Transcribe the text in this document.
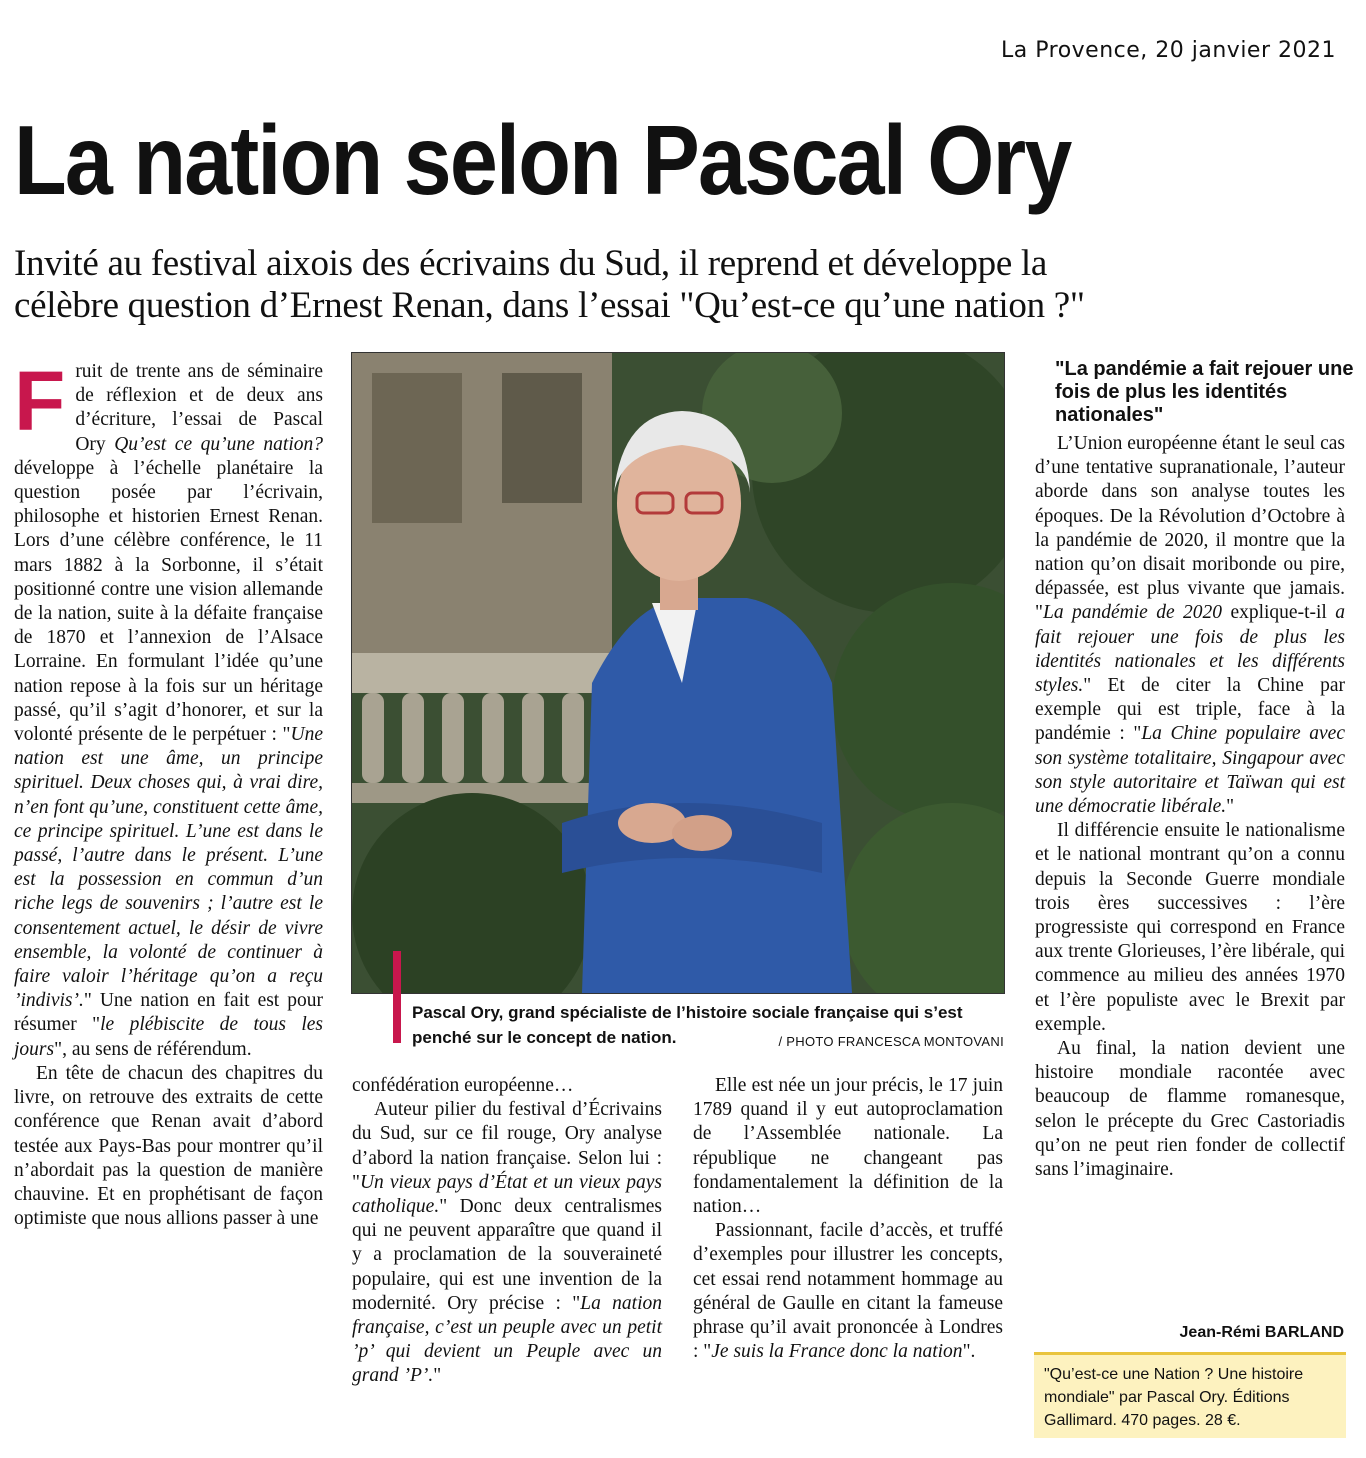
La Provence, 20 janvier 2021
La nation selon Pascal Ory

Invité au festival aixois des écrivains du Sud, il reprend et développe la

célèbre question d’Ernest Renan, dans l’essai "Qu’est-ce qu’une nation ?"

Fruit de trente ans de séminaire de réflexion et de deux ans d’écriture, l’essai de Pascal Ory Qu’est ce qu’une nation? développe à l’échelle planétaire la question posée par l’écrivain, philosophe et historien Ernest Renan. Lors d’une célèbre conférence, le 11 mars 1882 à la Sorbonne, il s’était positionné contre une vision allemande de la nation, suite à la défaite française de 1870 et l’annexion de l’Alsace Lorraine. En formulant l’idée qu’une nation repose à la fois sur un héritage passé, qu’il s’agit d’honorer, et sur la volonté présente de le perpétuer : "Une nation est une âme, un principe spirituel. Deux choses qui, à vrai dire, n’en font qu’une, constituent cette âme, ce principe spirituel. L’une est dans le passé, l’autre dans le présent. L’une est la possession en commun d’un riche legs de souvenirs ; l’autre est le consentement actuel, le désir de vivre ensemble, la volonté de continuer à faire valoir l’héritage qu’on a reçu ’indivis’." Une nation en fait est pour résumer "le plébiscite de tous les jours", au sens de référendum.

En tête de chacun des chapitres du livre, on retrouve des extraits de cette conférence que Renan avait d’abord testée aux Pays-Bas pour montrer qu’il n’abordait pas la question de manière chauvine. Et en prophétisant de façon optimiste que nous allions passer à une

Pascal Ory, grand spécialiste de l’histoire sociale française qui s’est penché sur le concept de nation.	/ PHOTO FRANCESCA MONTOVANI

confédération européenne…

Auteur pilier du festival d’Écrivains du Sud, sur ce fil rouge, Ory analyse d’abord la nation française. Selon lui : "Un vieux pays d’État et un vieux pays catholique." Donc deux centralismes qui ne peuvent apparaître que quand il y a proclamation de la souveraineté populaire, qui est une invention de la modernité. Ory précise : "La nation française, c’est un peuple avec un petit ’p’ qui devient un Peuple avec un grand ’P’."

Elle est née un jour précis, le 17 juin 1789 quand il y eut autoproclamation de l’Assemblée nationale. La république ne changeant pas fondamentalement la définition de la nation…

Passionnant, facile d’accès, et truffé d’exemples pour illustrer les concepts, cet essai rend notamment hommage au général de Gaulle en citant la fameuse phrase qu’il avait prononcée à Londres : "Je suis la France donc la nation".

"La pandémie a fait rejouer une fois de plus les identités nationales"

L’Union européenne étant le seul cas d’une tentative supranationale, l’auteur aborde dans son analyse toutes les époques. De la Révolution d’Octobre à la pandémie de 2020, il montre que la nation qu’on disait moribonde ou pire, dépassée, est plus vivante que jamais. "La pandémie de 2020 explique-t-il a fait rejouer une fois de plus les identités nationales et les différents styles." Et de citer la Chine par exemple qui est triple, face à la pandémie : "La Chine populaire avec son système totalitaire, Singapour avec son style autoritaire et Taïwan qui est une démocratie libérale."

Il différencie ensuite le nationalisme et le national montrant qu’on a connu depuis la Seconde Guerre mondiale trois ères successives : l’ère progressiste qui correspond en France aux trente Glorieuses, l’ère libérale, qui commence au milieu des années 1970 et l’ère populiste avec le Brexit par exemple.

Au final, la nation devient une histoire mondiale racontée avec beaucoup de flamme romanesque, selon le précepte du Grec Castoriadis qu’on ne peut rien fonder de collectif sans l’imaginaire.

Jean-Rémi BARLAND
"Qu’est-ce une Nation ? Une histoire mondiale" par Pascal Ory. Éditions Gallimard. 470 pages. 28 €.
